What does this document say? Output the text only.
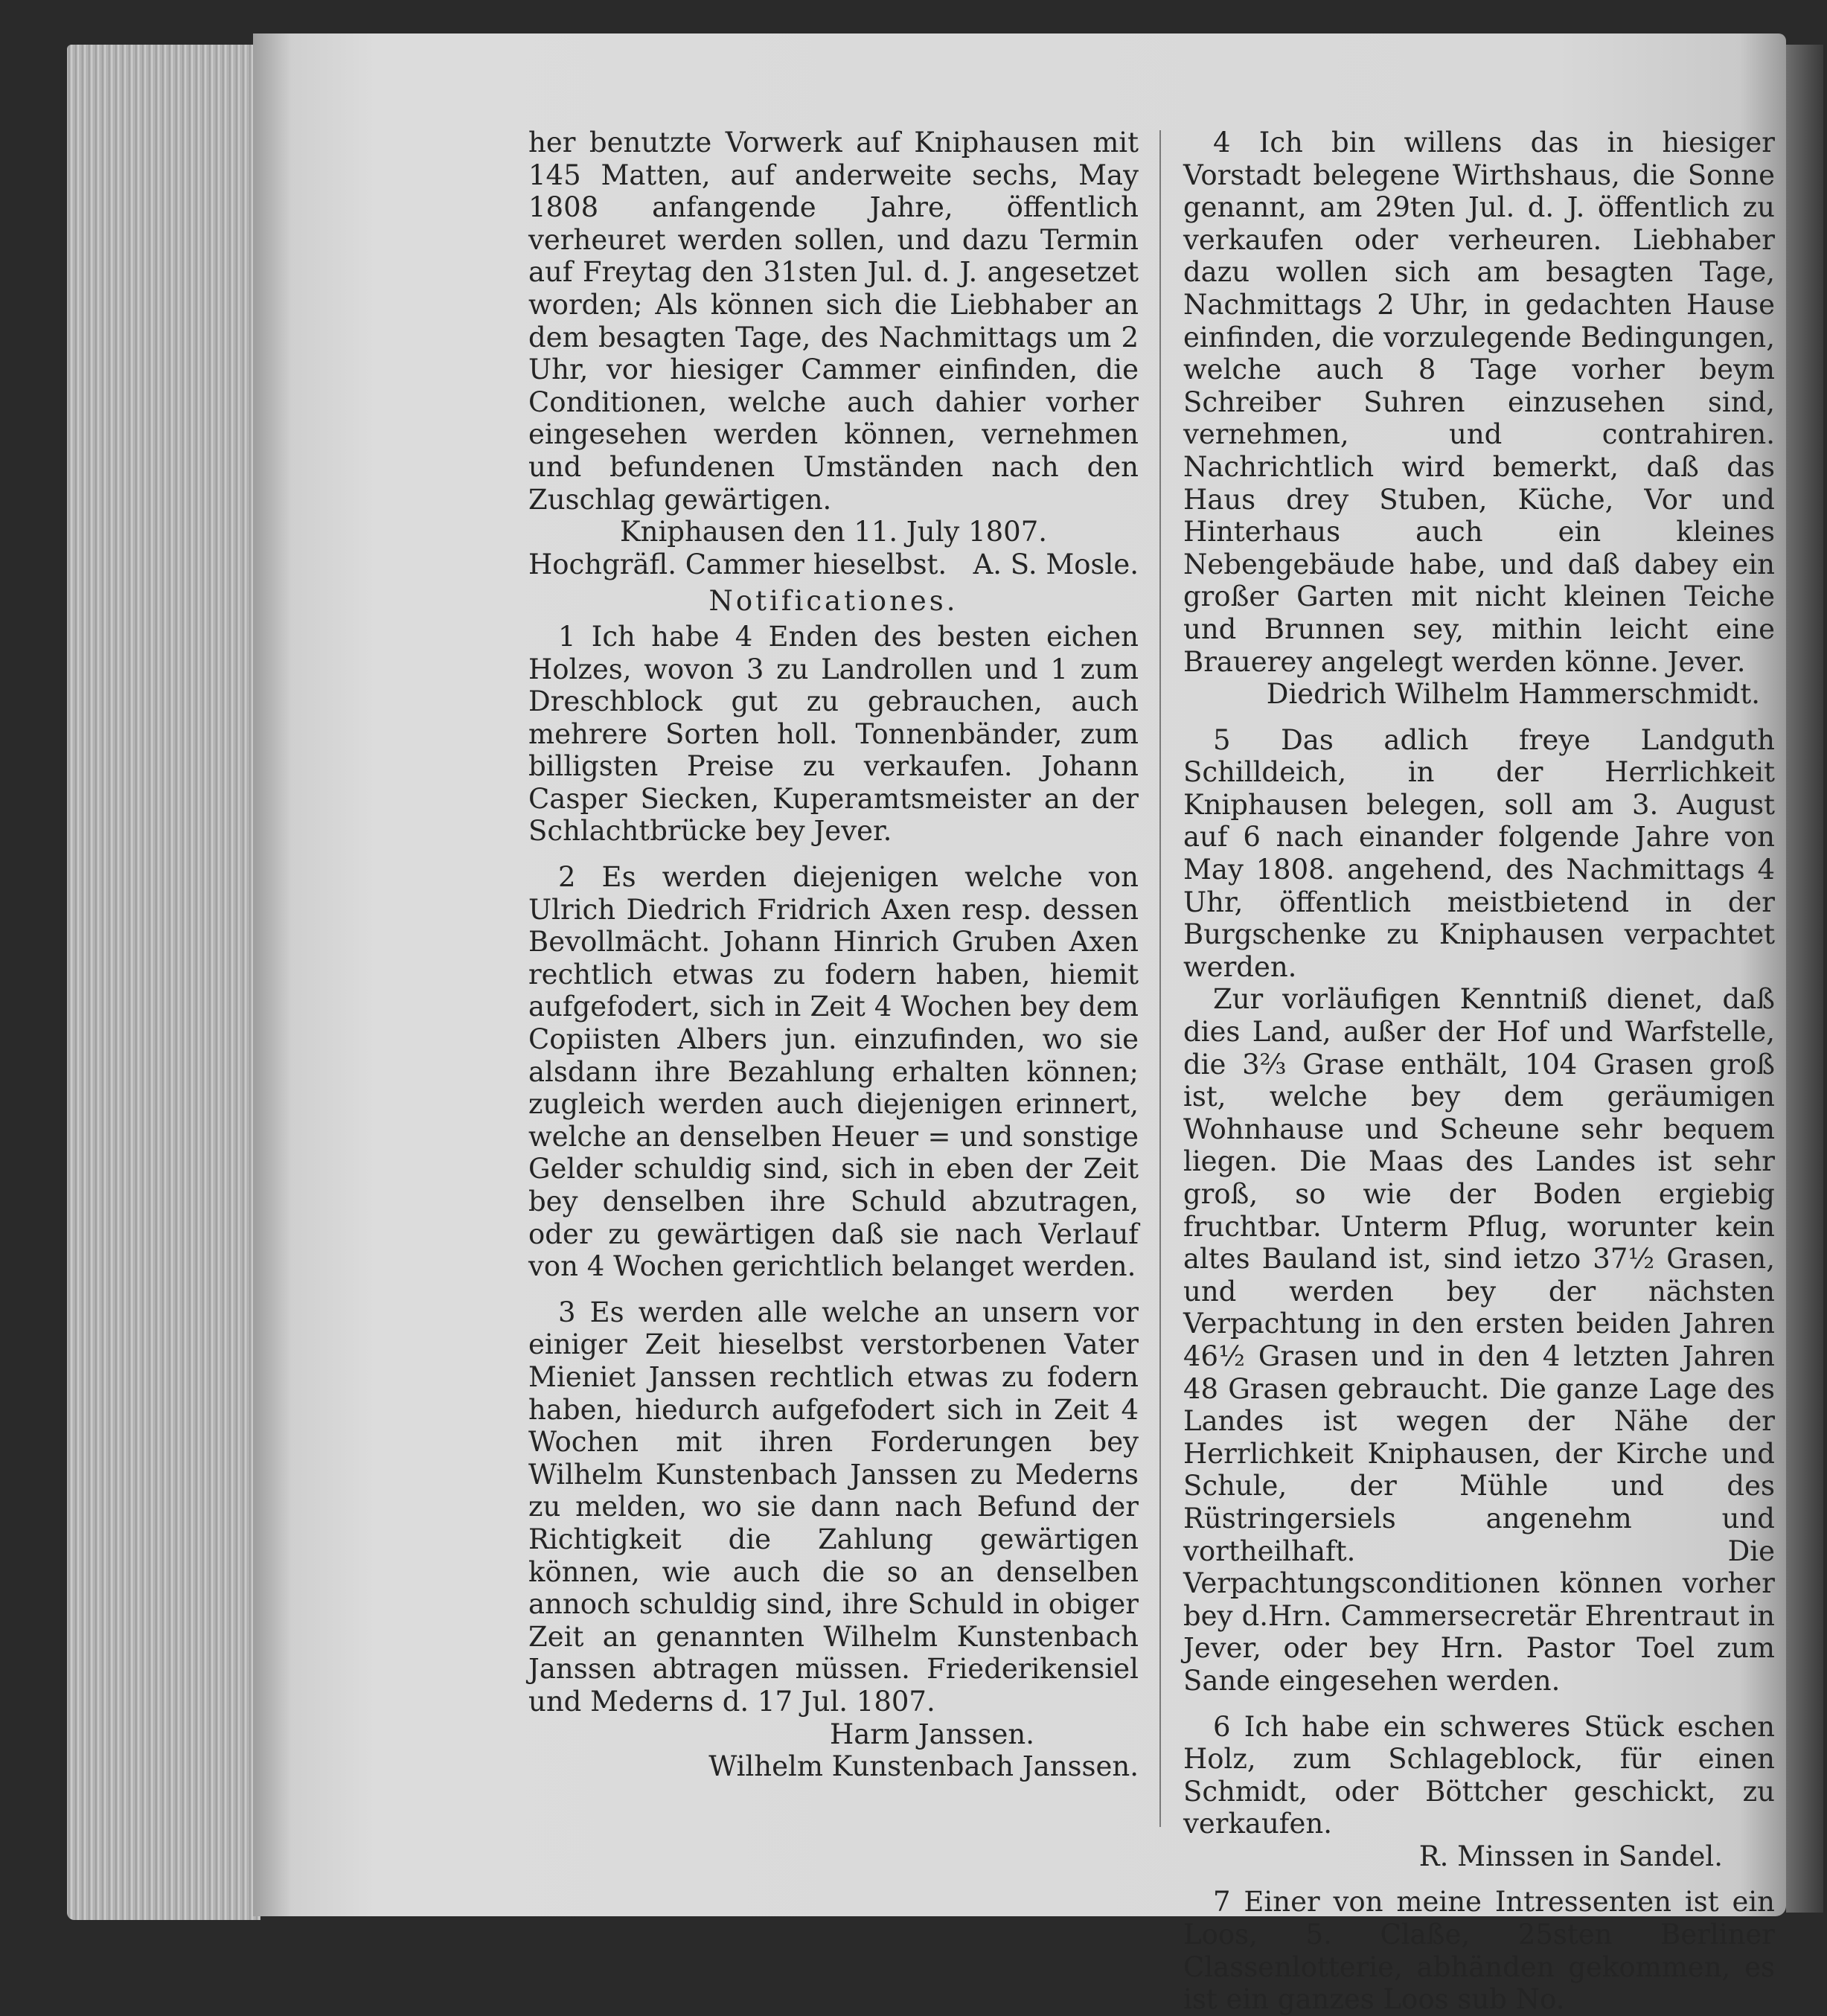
her benutzte Vorwerk auf Kniphausen mit 145 Matten, auf anderweite sechs, May 1808 anfangende Jahre, öffentlich verheuret werden sollen, und dazu Termin auf Freytag den 31sten Jul. d. J. angesetzet worden; Als können sich die Liebhaber an dem besagten Tage, des Nachmittags um 2 Uhr, vor hiesiger Cammer einfinden, die Conditionen, welche auch dahier vorher eingesehen werden können, vernehmen und befundenen Umständen nach den Zuschlag gewärtigen.

Kniphausen den 11. July 1807.
Hochgräfl. Cammer hieselbst. A. S. Mosle.
Notificationes.

1 Ich habe 4 Enden des besten eichen Holzes, wovon 3 zu Landrollen und 1 zum Dreschblock gut zu gebrauchen, auch mehrere Sorten holl. Tonnenbänder, zum billigsten Preise zu verkaufen. Johann Casper Siecken, Kuperamtsmeister an der Schlachtbrücke bey Jever.

2 Es werden diejenigen welche von Ulrich Diedrich Fridrich Axen resp. dessen Bevollmächt. Johann Hinrich Gruben Axen rechtlich etwas zu fodern haben, hiemit aufgefodert, sich in Zeit 4 Wochen bey dem Copiisten Albers jun. einzufinden, wo sie alsdann ihre Bezahlung erhalten können; zugleich werden auch diejenigen erinnert, welche an denselben Heuer = und sonstige Gelder schuldig sind, sich in eben der Zeit bey denselben ihre Schuld abzutragen, oder zu gewärtigen daß sie nach Verlauf von 4 Wochen gerichtlich belanget werden.

3 Es werden alle welche an unsern vor einiger Zeit hieselbst verstorbenen Vater Mieniet Janssen rechtlich etwas zu fodern haben, hiedurch aufgefodert sich in Zeit 4 Wochen mit ihren Forderungen bey Wilhelm Kunstenbach Janssen zu Mederns zu melden, wo sie dann nach Befund der Richtigkeit die Zahlung gewärtigen können, wie auch die so an denselben annoch schuldig sind, ihre Schuld in obiger Zeit an genannten Wilhelm Kunstenbach Janssen abtragen müssen. Friederikensiel und Mederns d. 17 Jul. 1807.

Harm Janssen.
Wilhelm Kunstenbach Janssen.

4 Ich bin willens das in hiesiger Vorstadt belegene Wirthshaus, die Sonne genannt, am 29ten Jul. d. J. öffentlich zu verkaufen oder verheuren. Liebhaber dazu wollen sich am besagten Tage, Nachmittags 2 Uhr, in gedachten Hause einfinden, die vorzulegende Bedingungen, welche auch 8 Tage vorher beym Schreiber Suhren einzusehen sind, vernehmen, und contrahiren. Nachrichtlich wird bemerkt, daß das Haus drey Stuben, Küche, Vor und Hinterhaus auch ein kleines Nebengebäude habe, und daß dabey ein großer Garten mit nicht kleinen Teiche und Brunnen sey, mithin leicht eine Brauerey angelegt werden könne. Jever.

Diedrich Wilhelm Hammerschmidt.

5 Das adlich freye Landguth Schilldeich, in der Herrlichkeit Kniphausen belegen, soll am 3. August auf 6 nach einander folgende Jahre von May 1808. angehend, des Nachmittags 4 Uhr, öffentlich meistbietend in der Burgschenke zu Kniphausen verpachtet werden.

Zur vorläufigen Kenntniß dienet, daß dies Land, außer der Hof und Warfstelle, die 3⅔ Grase enthält, 104 Grasen groß ist, welche bey dem geräumigen Wohnhause und Scheune sehr bequem liegen. Die Maas des Landes ist sehr groß, so wie der Boden ergiebig fruchtbar. Unterm Pflug, worunter kein altes Bauland ist, sind ietzo 37½ Grasen, und werden bey der nächsten Verpachtung in den ersten beiden Jahren 46½ Grasen und in den 4 letzten Jahren 48 Grasen gebraucht. Die ganze Lage des Landes ist wegen der Nähe der Herrlichkeit Kniphausen, der Kirche und Schule, der Mühle und des Rüstringersiels angenehm und vortheilhaft. Die Verpachtungsconditionen können vorher bey d.Hrn. Cammersecretär Ehrentraut in Jever, oder bey Hrn. Pastor Toel zum Sande eingesehen werden.

6 Ich habe ein schweres Stück eschen Holz, zum Schlageblock, für einen Schmidt, oder Böttcher geschickt, zu verkaufen.

R. Minssen in Sandel.

7 Einer von meine Intressenten ist ein Loos, 5. Claße, 25sten Berliner Classenlotterie, abhänden gekommen, es ist ein ganzes Loos sub No.
